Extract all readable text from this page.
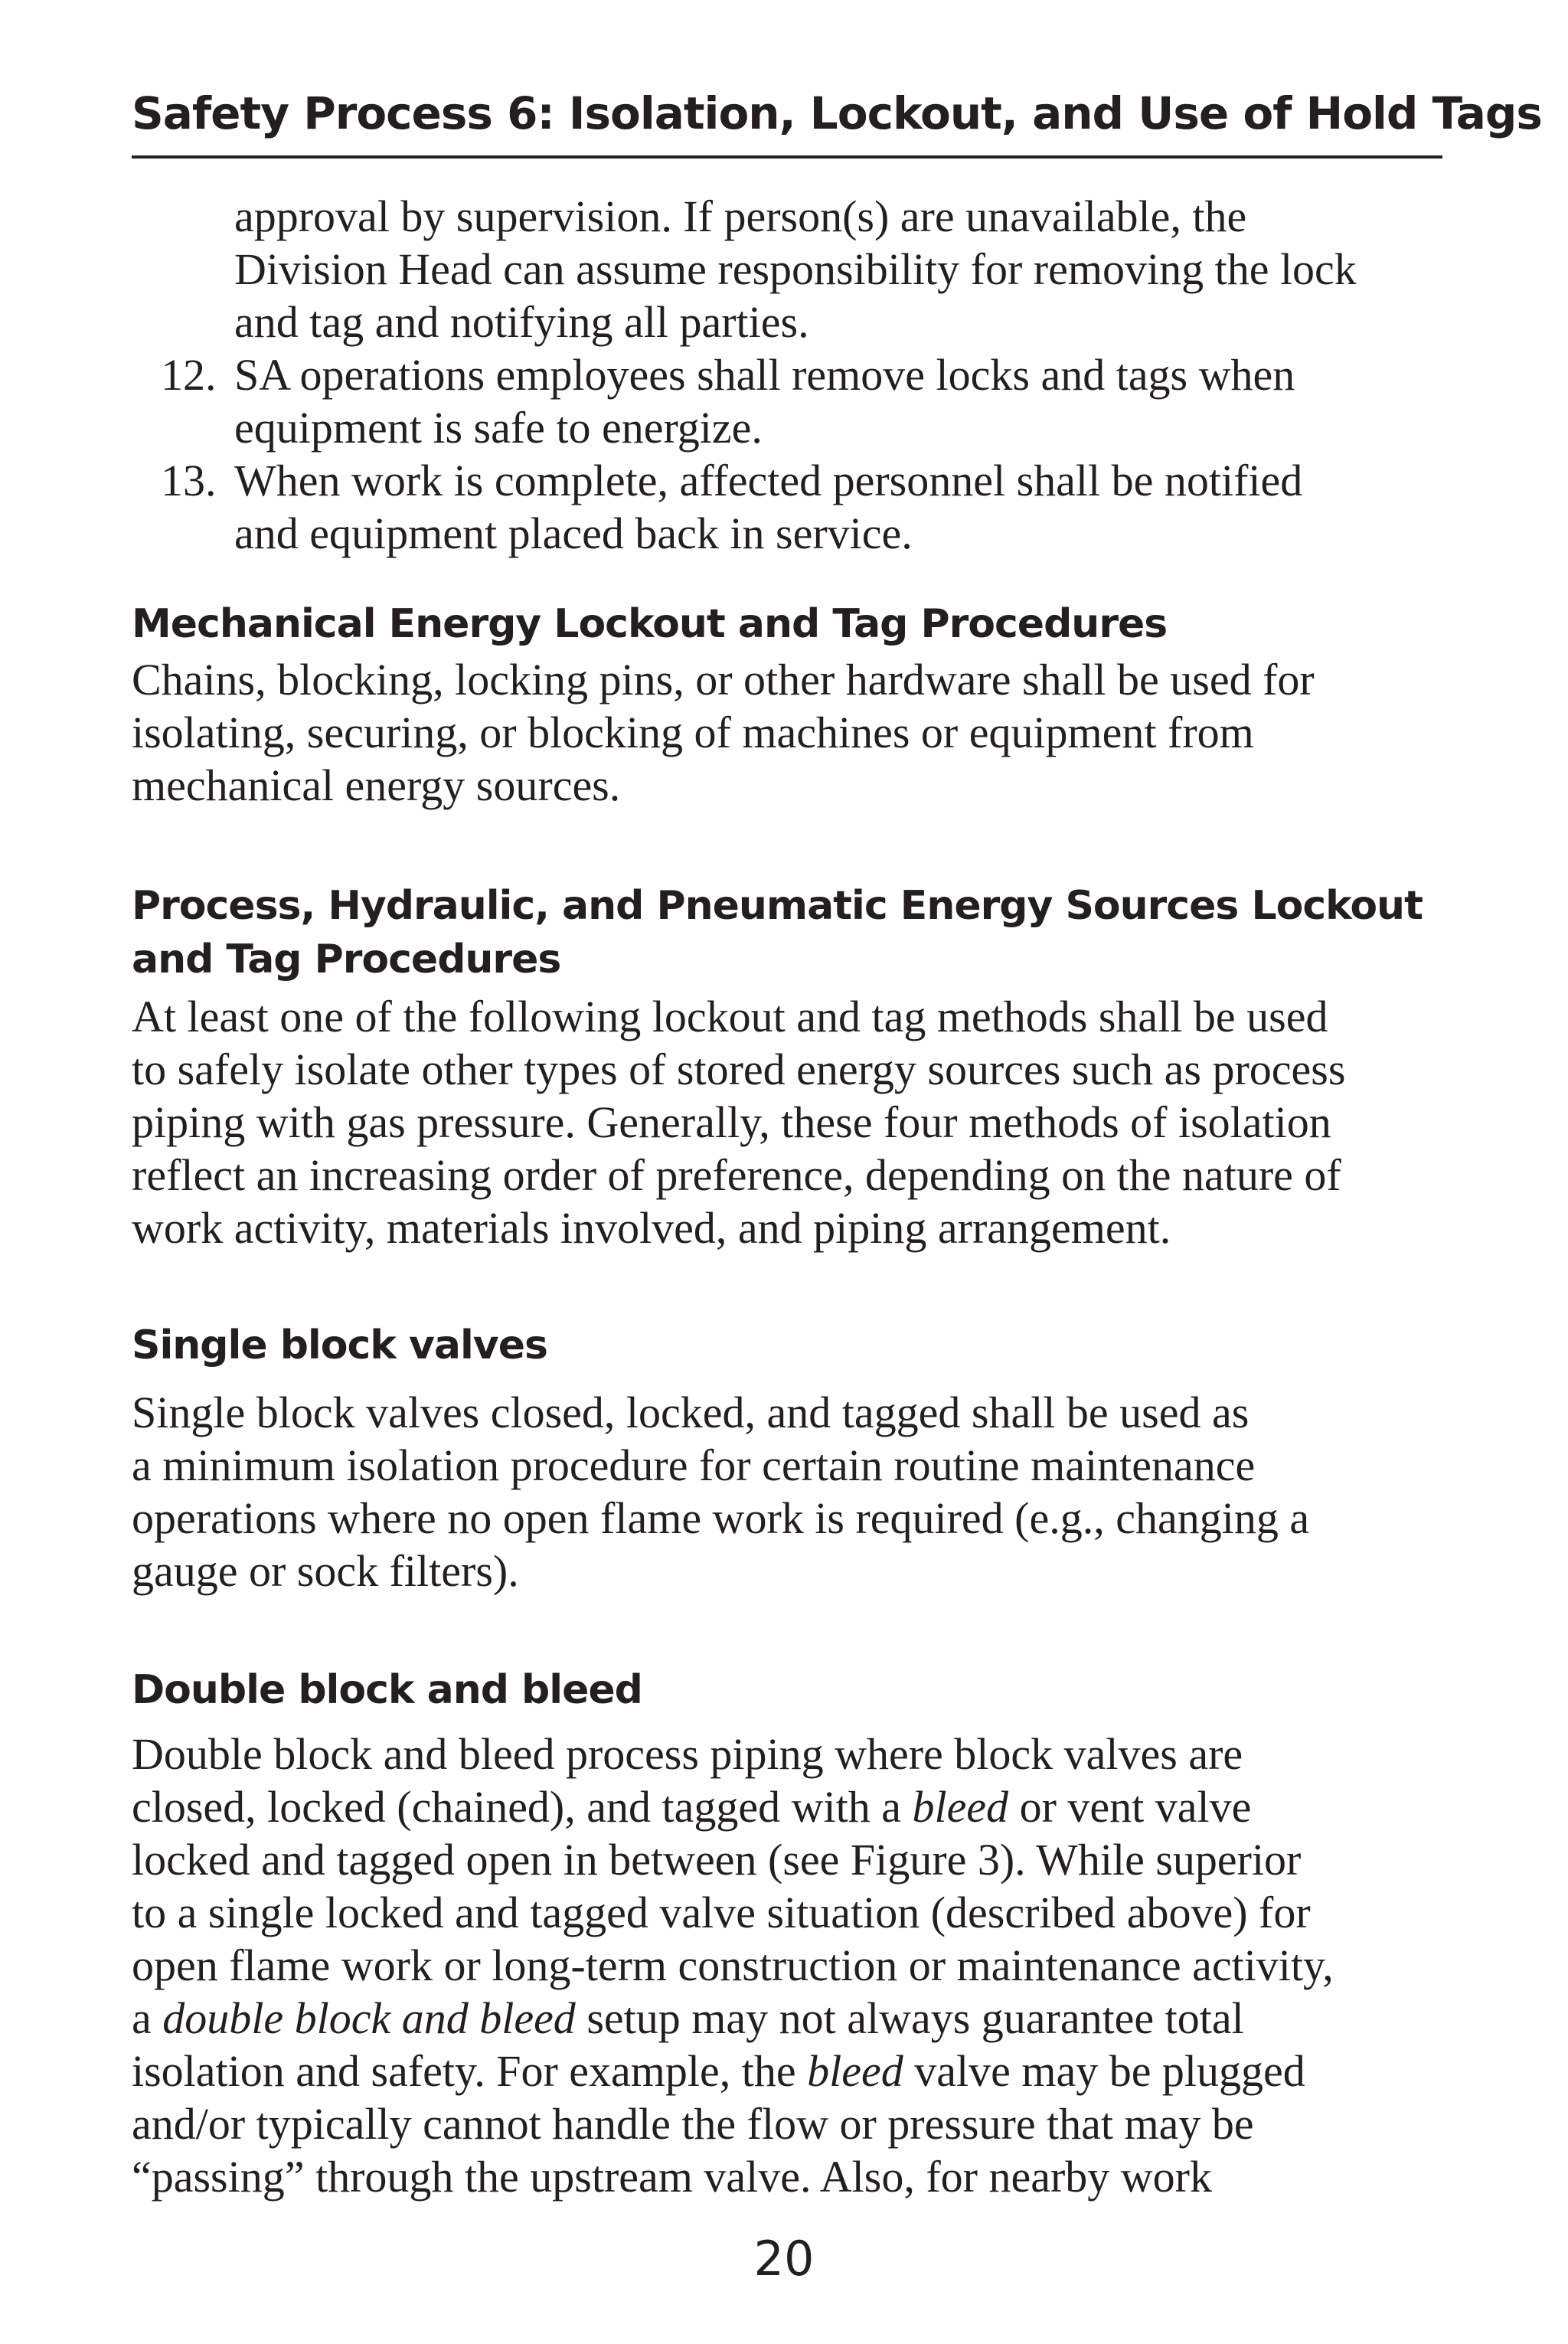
Safety Process 6: Isolation, Lockout, and Use of Hold Tags
approval by supervision. If person(s) are unavailable, the
Division Head can assume responsibility for removing the lock
and tag and notifying all parties.
12. SA operations employees shall remove locks and tags when
equipment is safe to energize.
13. When work is complete, affected personnel shall be notified
and equipment placed back in service.
Mechanical Energy Lockout and Tag Procedures
Chains, blocking, locking pins, or other hardware shall be used for
isolating, securing, or blocking of machines or equipment from
mechanical energy sources.
Process, Hydraulic, and Pneumatic Energy Sources Lockout
and Tag Procedures
At least one of the following lockout and tag methods shall be used
to safely isolate other types of stored energy sources such as process
piping with gas pressure. Generally, these four methods of isolation
reflect an increasing order of preference, depending on the nature of
work activity, materials involved, and piping arrangement.
Single block valves
Single block valves closed, locked, and tagged shall be used as
a minimum isolation procedure for certain routine maintenance
operations where no open flame work is required (e.g., changing a
gauge or sock filters).
Double block and bleed
Double block and bleed process piping where block valves are
closed, locked (chained), and tagged with a bleed or vent valve
locked and tagged open in between (see Figure 3). While superior
to a single locked and tagged valve situation (described above) for
open flame work or long-term construction or maintenance activity,
a double block and bleed setup may not always guarantee total
isolation and safety. For example, the bleed valve may be plugged
and/or typically cannot handle the flow or pressure that may be
“passing” through the upstream valve. Also, for nearby work
20
